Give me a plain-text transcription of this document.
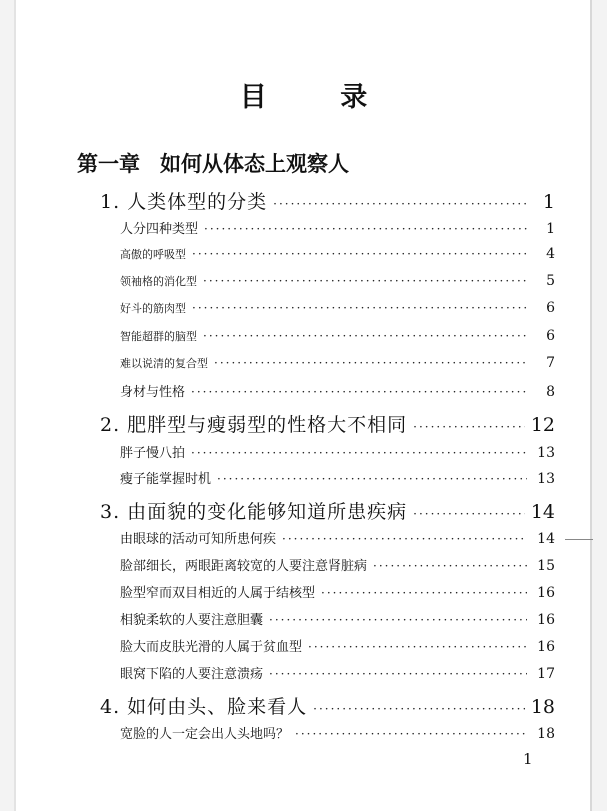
目 录
第一章 如何从体态上观察人
1. 人类体型的分类 ·····	1
人分四种类型 ·····	1
高傲的呼吸型 ·····	4
领袖格的消化型 ·····	5
好斗的筋肉型 ·····	6
智能超群的脑型 ·····	6
难以说清的复合型 ·····	7
身材与性格 ·····	8
2. 肥胖型与瘦弱型的性格大不相同 ·····	12
胖子慢八拍 ·····	13
瘦子能掌握时机 ·····	13
3. 由面貌的变化能够知道所患疾病 ·····	14
由眼球的活动可知所患何疾 ·····	14
脸部细长，两眼距离较宽的人要注意肾脏病 ·····	15
脸型窄而双目相近的人属于结核型 ·····	16
相貌柔软的人要注意胆囊 ·····	16
脸大而皮肤光滑的人属于贫血型 ·····	16
眼窝下陷的人要注意溃疡 ·····	17
4. 如何由头、脸来看人 ·····	18
宽脸的人一定会出人头地吗？ ·····	18
1
